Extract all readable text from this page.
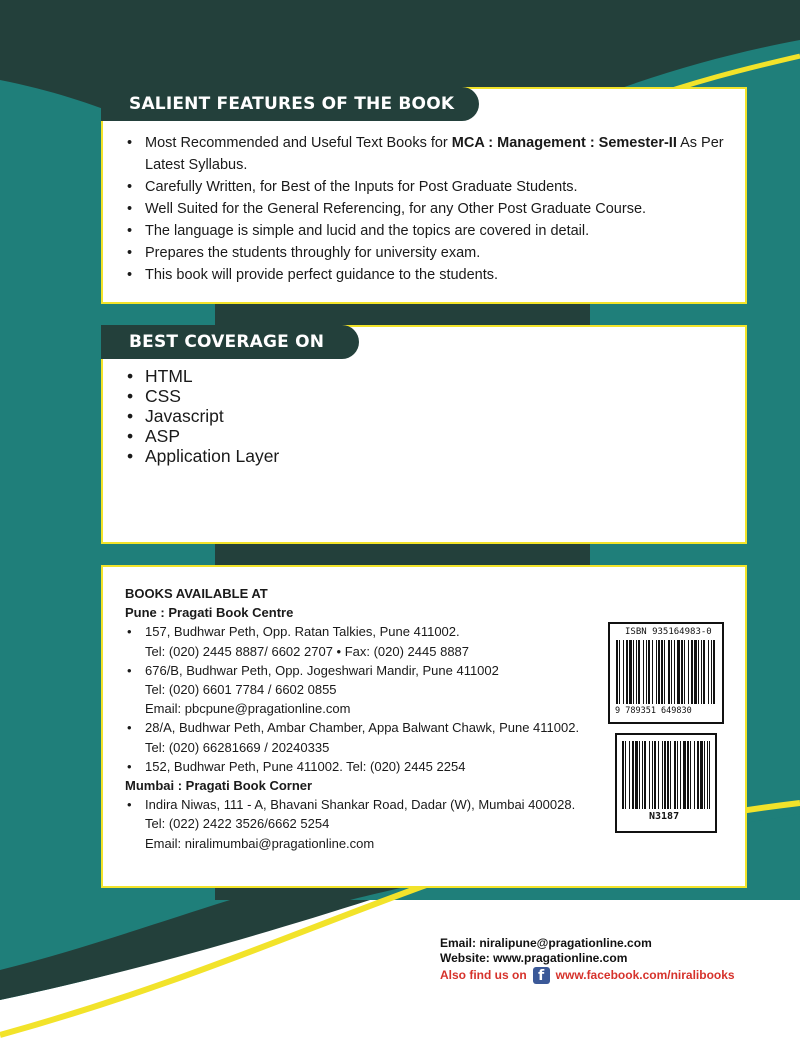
SALIENT FEATURES OF THE BOOK
• Most Recommended and Useful Text Books for MCA : Management : Semester-II As Per Latest Syllabus.
• Carefully Written, for Best of the Inputs for Post Graduate Students.
• Well Suited for the General Referencing, for any Other Post Graduate Course.
• The language is simple and lucid and the topics are covered in detail.
• Prepares the students throughly for university exam.
• This book will provide perfect guidance to the students.
BEST COVERAGE ON
• HTML
• CSS
• Javascript
• ASP
• Application Layer
BOOKS AVAILABLE AT
Pune : Pragati Book Centre
• 157, Budhwar Peth, Opp. Ratan Talkies, Pune 411002.
Tel: (020) 2445 8887/ 6602 2707 • Fax: (020) 2445 8887
• 676/B, Budhwar Peth, Opp. Jogeshwari Mandir, Pune 411002
Tel: (020) 6601 7784 / 6602 0855
Email: pbcpune@pragationline.com
• 28/A, Budhwar Peth, Ambar Chamber, Appa Balwant Chawk, Pune 411002.
Tel: (020) 66281669 / 20240335
• 152, Budhwar Peth, Pune 411002. Tel: (020) 2445 2254
Mumbai : Pragati Book Corner
• Indira Niwas, 111 - A, Bhavani Shankar Road, Dadar (W), Mumbai 400028.
Tel: (022) 2422 3526/6662 5254
Email: niralimumbai@pragationline.com
ISBN 935164983-0
9 789351 649830
N3187
Email: niralipune@pragationline.com
Website: www.pragationline.com
Also find us on f www.facebook.com/niralibooks
